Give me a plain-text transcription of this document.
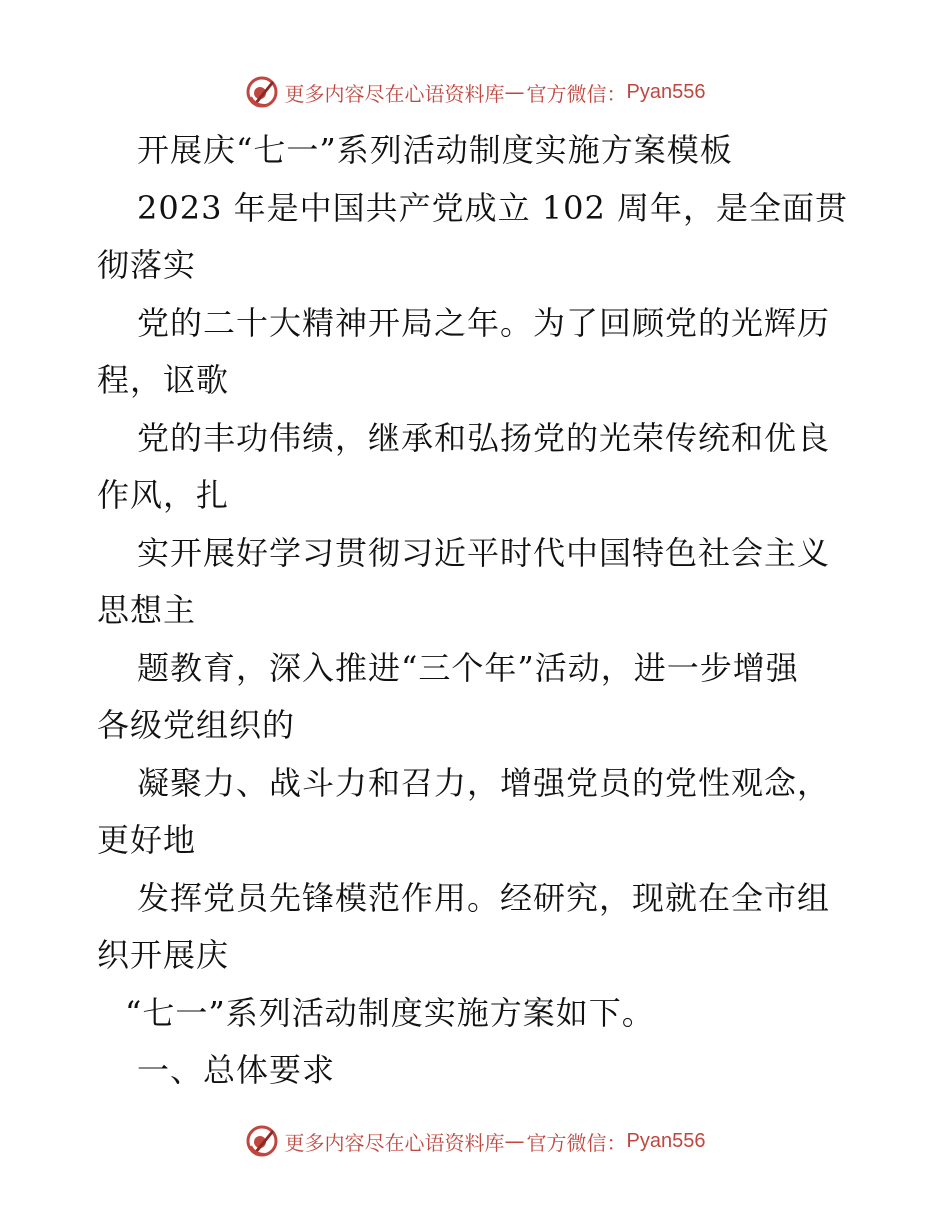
更多内容尽在心语资料库 — 官方微信： Pyan556
开展庆“七一”系列活动制度实施方案模板
2023 年是中国共产党成立 102 周年，是全面贯
彻落实
党的二十大精神开局之年。为了回顾党的光辉历
程，讴歌
党的丰功伟绩，继承和弘扬党的光荣传统和优良
作风，扎
实开展好学习贯彻习近平时代中国特色社会主义
思想主
题教育，深入推进“三个年”活动，进一步增强
各级党组织的
凝聚力、战斗力和召力，增强党员的党性观念，
更好地
发挥党员先锋模范作用。经研究，现就在全市组
织开展庆
“七一”系列活动制度实施方案如下。
一、总体要求
更多内容尽在心语资料库 — 官方微信： Pyan556
